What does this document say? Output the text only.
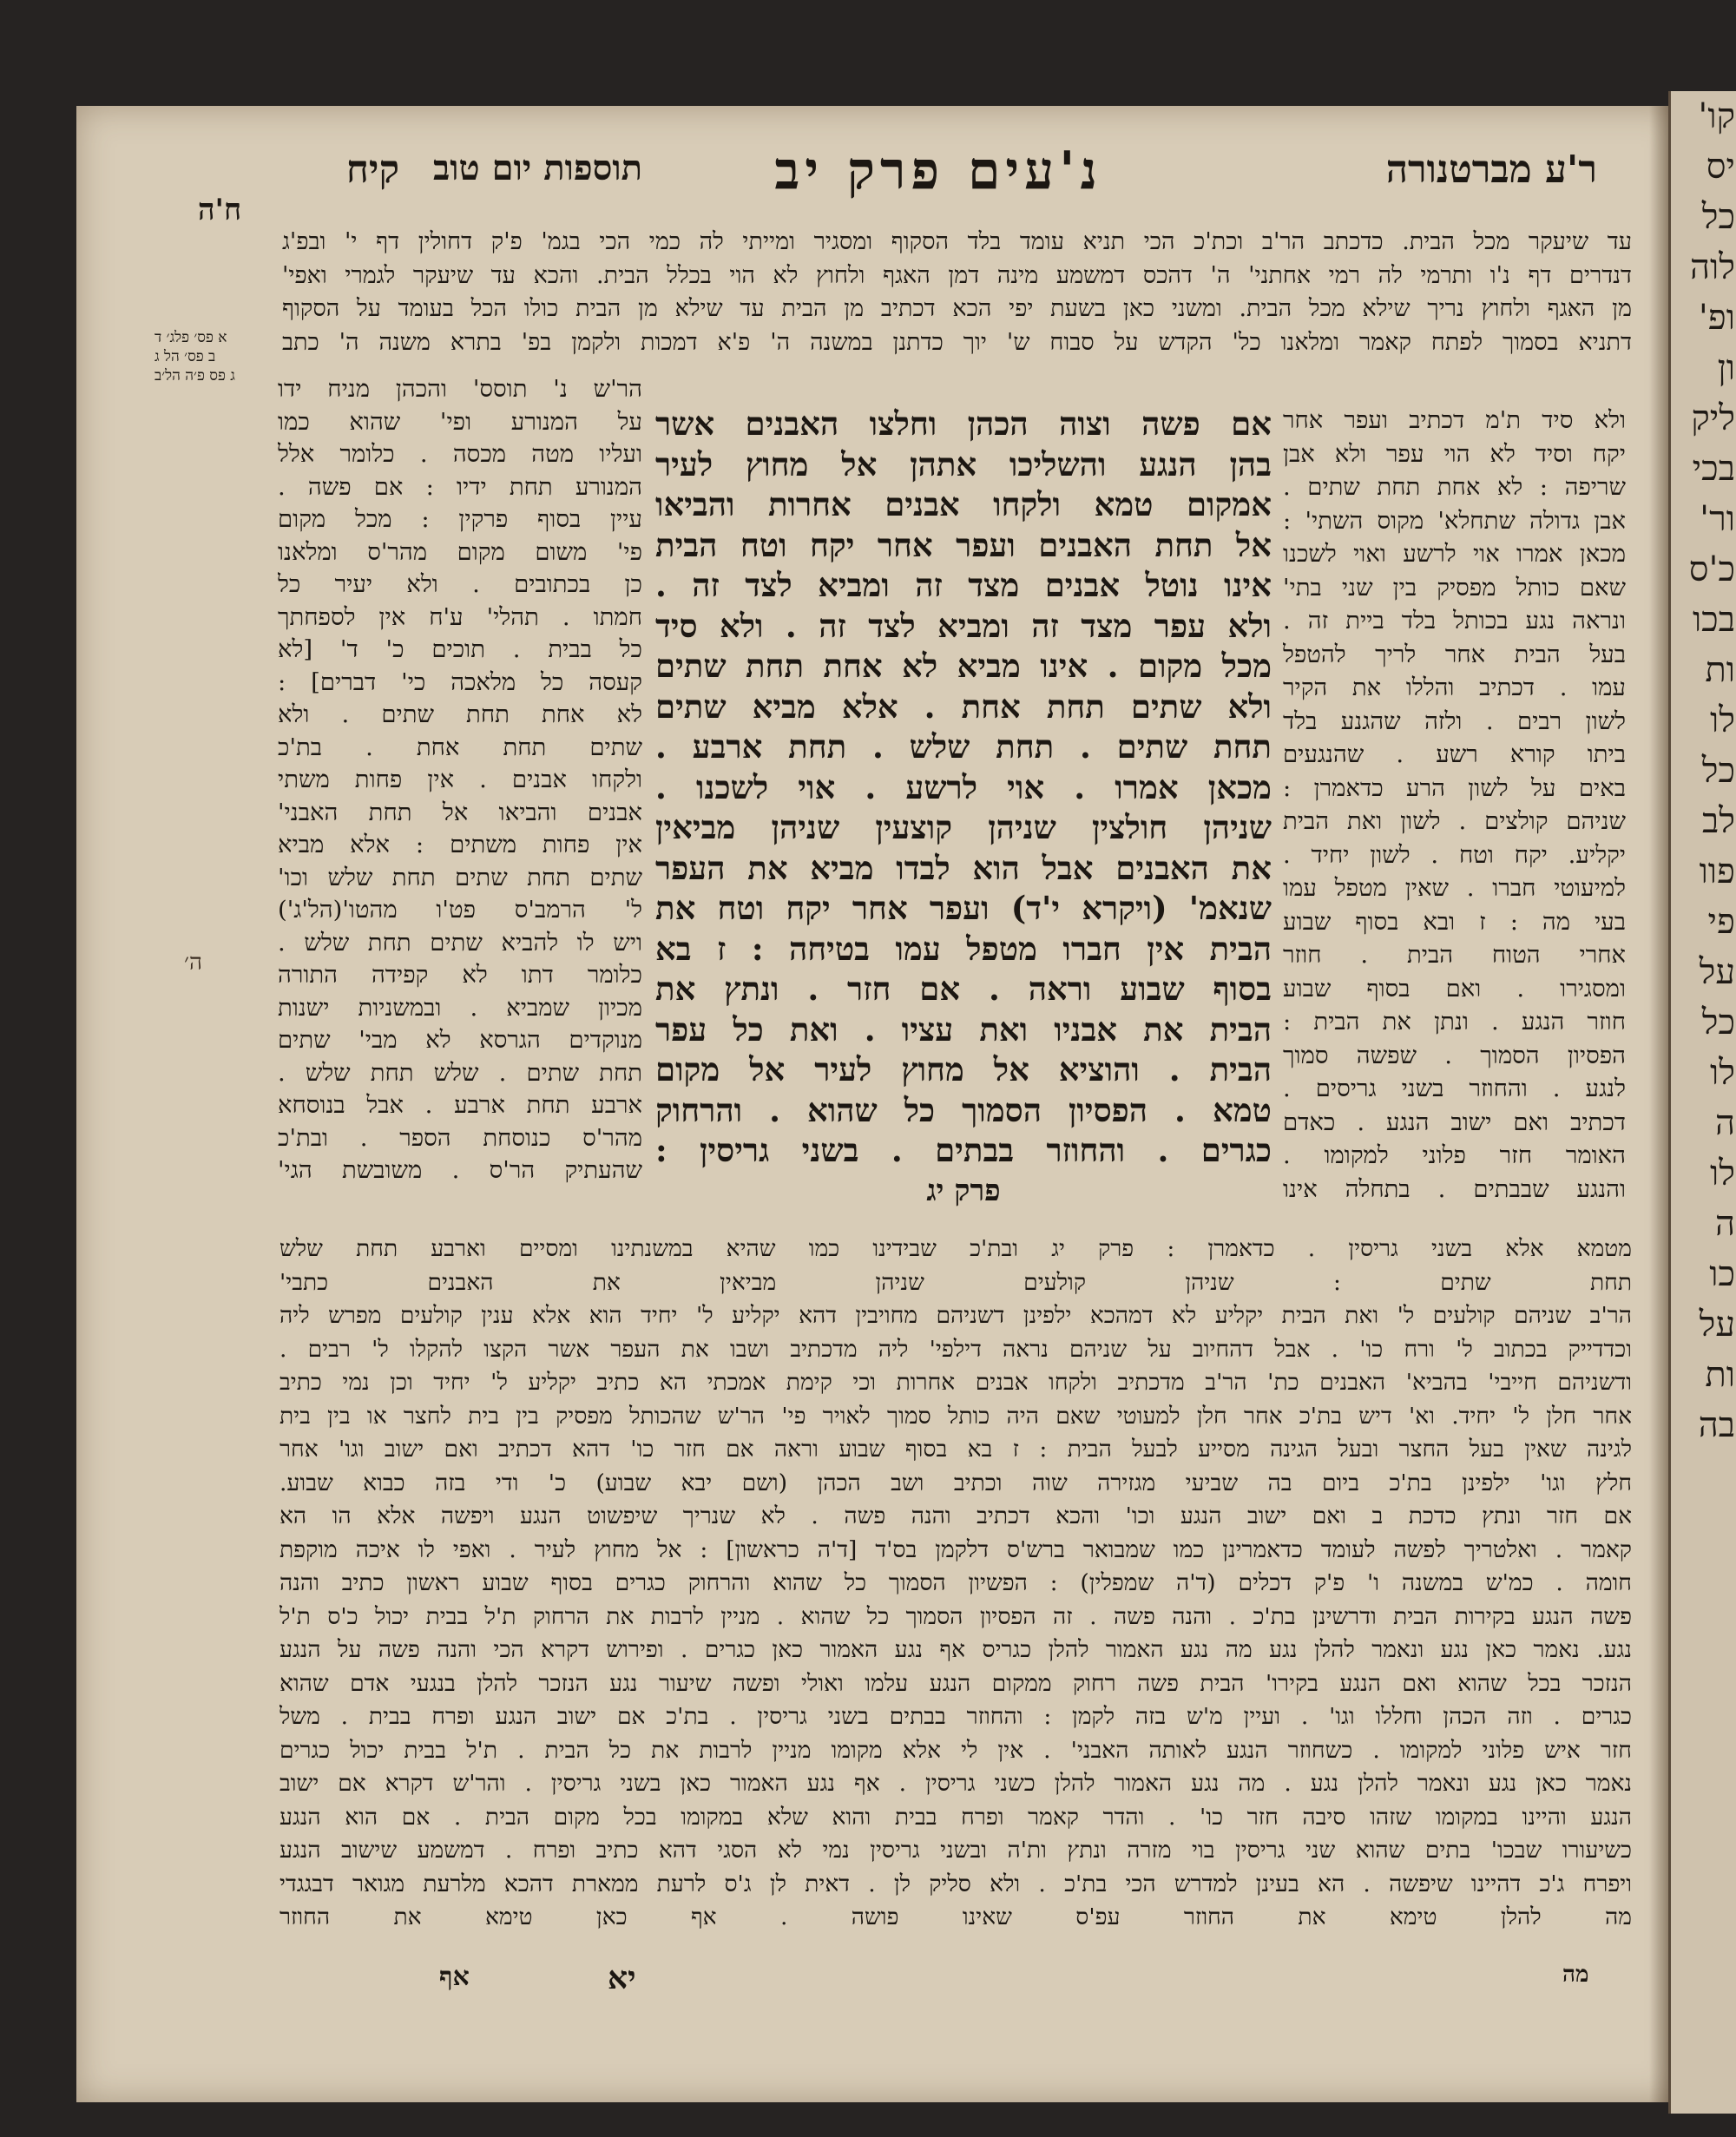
קו'
יס
כל
לוה
ופ'
ון
ליק
בכי
ור'
כ'ס
בכו
ות
לו
כל
לב
פוו
פי
על
כל
לו
ה
לו
ה
כו
על
ות
בה
ר'ע מברטנורה
נ'עים פרק יב
תוספות יום טוב
קיח
ח'ה
א פס׳ פלג׳ ד
ב פס׳ הל ג
ג פס פ׳ה הל׳ב
ה׳
עד שיעקר מכל הבית. כדכתב הר'ב וכת'כ הכי תניא עומד בלד הסקוף ומסגיר ומייתי לה כמי הכי בגמ' פ'ק דחולין דף י' ובפ'ג
דנדרים דף נ'ו ותרמי לה רמי אחתני' ה' דהכס דמשמע מינה דמן האגף ולחוץ לא הוי בכלל הבית. והכא עד שיעקר לגמרי ואפי'
מן האגף ולחוץ נריך שילא מכל הבית. ומשני כאן בשעת יפי הכא דכתיב מן הבית עד שילא מן הבית כולו הכל בעומד על הסקוף
דתניא בסמוך לפתח קאמר ומלאנו כל' הקדש על סבוח ש' יוך כדתנן במשנה ה' פ'א דמכות ולקמן בפ' בתרא משנה ה' כתב
ולא סיד ת'מ דכתיב ועפר אחר
יקח וסיד לא הוי עפר ולא אבן
שריפה : לא אחת תחת שתים .
אבן גדולה שתחלא' מקוס השתי' :
מכאן אמרו אוי לרשע ואוי לשכנו
שאם כותל מפסיק בין שני בתי'
ונראה נגע בכותל בלד ביית זה .
בעל הבית אחר לריך להטפל
עמו . דכתיב והללו את הקיר
לשון רבים . ולזה שהגנע בלד
ביתו קורא רשע . שהנגעים
באים על לשון הרע כדאמרן :
שניהם קולצים . לשון ואת הבית
יקליע. יקח וטח . לשון יחיד .
למיעוטי חברו . שאין מטפל עמו
בעי מה : ז ובא בסוף שבוע
אחרי הטוח הבית . חוזר
ומסגירו . ואם בסוף שבוע
חוזר הנגע . ונתן את הבית :
הפסיון הסמוך . שפשה סמוך
לנגע . והחוזר בשני גריסים .
דכתיב ואם ישוב הנגע . כאדם
האומר חזר פלוני למקומו .
והנגע שבבתים . בתחלה אינו
אם פשה וצוה הכהן וחלצו האבנים אשר
בהן הנגע והשליכו אתהן אל מחוץ לעיר
אמקום טמא ולקחו אבנים אחרות והביאו
אל תחת האבנים ועפר אחר יקח וטח הבית
אינו נוטל אבנים מצד זה ומביא לצד זה .
ולא עפר מצד זה ומביא לצד זה . ולא סיד
מכל מקום . אינו מביא לא אחת תחת שתים
ולא שתים תחת אחת . אלא מביא שתים
תחת שתים . תחת שלש . תחת ארבע .
מכאן אמרו . אוי לרשע . אוי לשכנו .
שניהן חולצין שניהן קוצעין שניהן מביאין
את האבנים אבל הוא לבדו מביא את העפר
שנאמ' (ויקרא י'ד) ועפר אחר יקח וטח את
הבית אין חברו מטפל עמו בטיחה : ז בא
בסוף שבוע וראה . אם חזר . ונתץ את
הבית את אבניו ואת עציו . ואת כל עפר
הבית . והוציא אל מחוץ לעיר אל מקום
טמא . הפסיון הסמוך כל שהוא . והרחוק
כגרים . והחוזר בבתים . בשני גריסין :
פרק יג
הר'ש נ' תוסס' והכהן מניח ידו
על המנורע ופי' שהוא כמו
ועליו מטה מכסה . כלומר אלל
המנורע תחת ידיו : אם פשה .
עיין בסוף פרקין : מכל מקום
פי' משום מקום מהר'ס ומלאנו
כן בכתובים . ולא יעיר כל
חמתו . תהלי' ע'ח אין לספחתך
כל בבית . תוכים כ' ד' [לא
קעסה כל מלאכה כי' דברים] :
לא אחת תחת שתים . ולא
שתים תחת אחת . בת'כ
ולקחו אבנים . אין פחות משתי
אבנים והביאו אל תחת האבני'
אין פחות משתים : אלא מביא
שתים תחת שתים תחת שלש וכו'
ל' הרמב'ס פט'ו מהטו'(הל'ג')
ויש לו להביא שתים תחת שלש .
כלומר דתו לא קפידה התורה
מכיון שמביא . ובמשניות ישנות
מנוקדים הגרסא לא מבי' שתים
תחת שתים . שלש תחת שלש .
ארבע תחת ארבע . אבל בנוסחא
מהר'ס כנוסחת הספר . ובת'כ
שהעתיק הר'ס . משובשת הגי'
מטמא אלא בשני גריסין . כדאמרן : פרק יג ובת'כ שבידינו כמו שהיא במשנתינו ומסיים וארבע תחת שלש
תחת שתים : שניהן קולעים שניהן מביאין את האבנים כתבי'
הר'ב שניהם קולעים ל' ואת הבית יקליע לא דמהכא ילפינן דשניהם מחויבין דהא יקליע ל' יחיד הוא אלא ענין קולעים מפרש ליה
וכדדייק בכתוב ל' ורח כו' . אבל דהחיוב על שניהם נראה דילפי' ליה מדכתיב ושבו את העפר אשר הקצו להקלו ל' רבים .
ודשניהם חייבי' בהביא' האבנים כת' הר'ב מדכתיב ולקחו אבנים אחרות וכי קימת אמכתי הא כתיב יקליע ל' יחיד וכן נמי כתיב
אחר חלן ל' יחיד. וא' דיש בת'כ אחר חלן למעוטי שאם היה כותל סמוך לאויר פי' הר'ש שהכותל מפסיק בין בית לחצר או בין בית
לגינה שאין בעל החצר ובעל הגינה מסייע לבעל הבית : ז בא בסוף שבוע וראה אם חזר כו' דהא דכתיב ואם ישוב וגו' אחר
חלץ וגו' ילפינן בת'כ ביום בה שביעי מגזירה שוה וכתיב ושב הכהן (ושם יבא שבוע) כ' ודי בזה כבוא שבוע.
אם חזר ונתץ כדכת ב ואם ישוב הנגע וכו' והכא דכתיב והנה פשה . לא שנריך שיפשוט הנגע ויפשה אלא הו הא
קאמר . ואלטריך לפשה לעומד כדאמרינן כמו שמבואר ברש'ס דלקמן בס'ד [ד'ה כראשון] : אל מחוץ לעיר . ואפי לו איכה מוקפת
חומה . כמ'ש במשנה ו' פ'ק דכלים (ד'ה שמפלין) : הפשיון הסמוך כל שהוא והרחוק כגרים בסוף שבוע ראשון כתיב והנה
פשה הנגע בקירות הבית ודרשינן בת'כ . והנה פשה . זה הפסיון הסמוך כל שהוא . מניין לרבות את הרחוק ת'ל בבית יכול כ'ס ת'ל
נגע. נאמר כאן נגע ונאמר להלן נגע מה נגע האמור להלן כגריס אף נגע האמור כאן כגרים . ופירוש דקרא הכי והנה פשה על הנגע
הנזכר בכל שהוא ואם הנגע בקירו' הבית פשה רחוק ממקום הנגע עלמו ואולי ופשה שיעור נגע הנזכר להלן בנגעי אדם שהוא
כגרים . וזה הכהן וחללו וגו' . ועיין מ'ש בזה לקמן : והחוזר בבתים בשני גריסין . בת'כ אם ישוב הנגע ופרח בבית . משל
חזר איש פלוני למקומו . כשחוזר הנגע לאותה האבני' . אין לי אלא מקומו מניין לרבות את כל הבית . ת'ל בבית יכול כגרים
נאמר כאן נגע ונאמר להלן נגע . מה נגע האמור להלן כשני גריסין . אף נגע האמור כאן בשני גריסין . והר'ש דקרא אם ישוב
הנגע והיינו במקומו שזהו סיבה חזר כו' . והדר קאמר ופרח בבית והוא שלא במקומו בכל מקום הבית . אם הוא הנגע
כשיעורו שבכו' בתים שהוא שני גריסין בוי מזרה ונתץ ות'ה ובשני גריסין נמי לא הסגי דהא כתיב ופרח . דמשמע שישוב הנגע
ויפרח ג'כ דהיינו שיפשה . הא בעינן למדרש הכי בת'כ . ולא סליק לן . דאית לן ג'ס לרעת ממארת דהכא מלרעת מגואר דבגגדי
מה להלן טימא את החוזר עפ'ס שאינו פושה . אף כאן טימא את החוזר
אף	יא	מה
